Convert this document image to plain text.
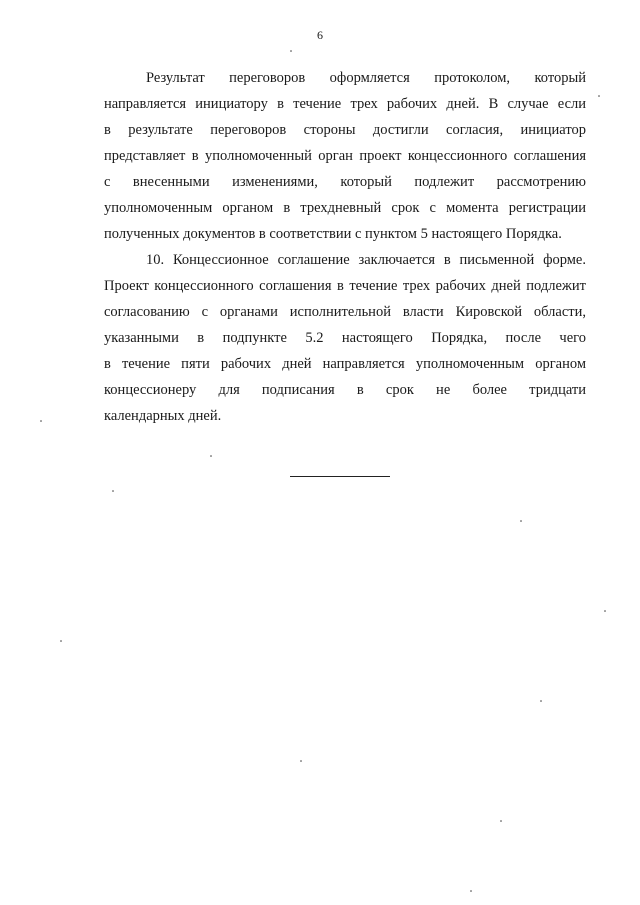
6

Результат переговоров оформляется протоколом, который
направляется инициатору в течение трех рабочих дней. В случае если
в результате переговоров стороны достигли согласия, инициатор
представляет в уполномоченный орган проект концессионного соглашения
с внесенными изменениями, который подлежит рассмотрению
уполномоченным органом в трехдневный срок с момента регистрации
полученных документов в соответствии с пунктом 5 настоящего Порядка.

10. Концессионное соглашение заключается в письменной форме.
Проект концессионного соглашения в течение трех рабочих дней подлежит
согласованию с органами исполнительной власти Кировской области,
указанными в подпункте 5.2 настоящего Порядка, после чего
в течение пяти рабочих дней направляется уполномоченным органом
концессионеру для подписания в срок не более тридцати
календарных дней.
